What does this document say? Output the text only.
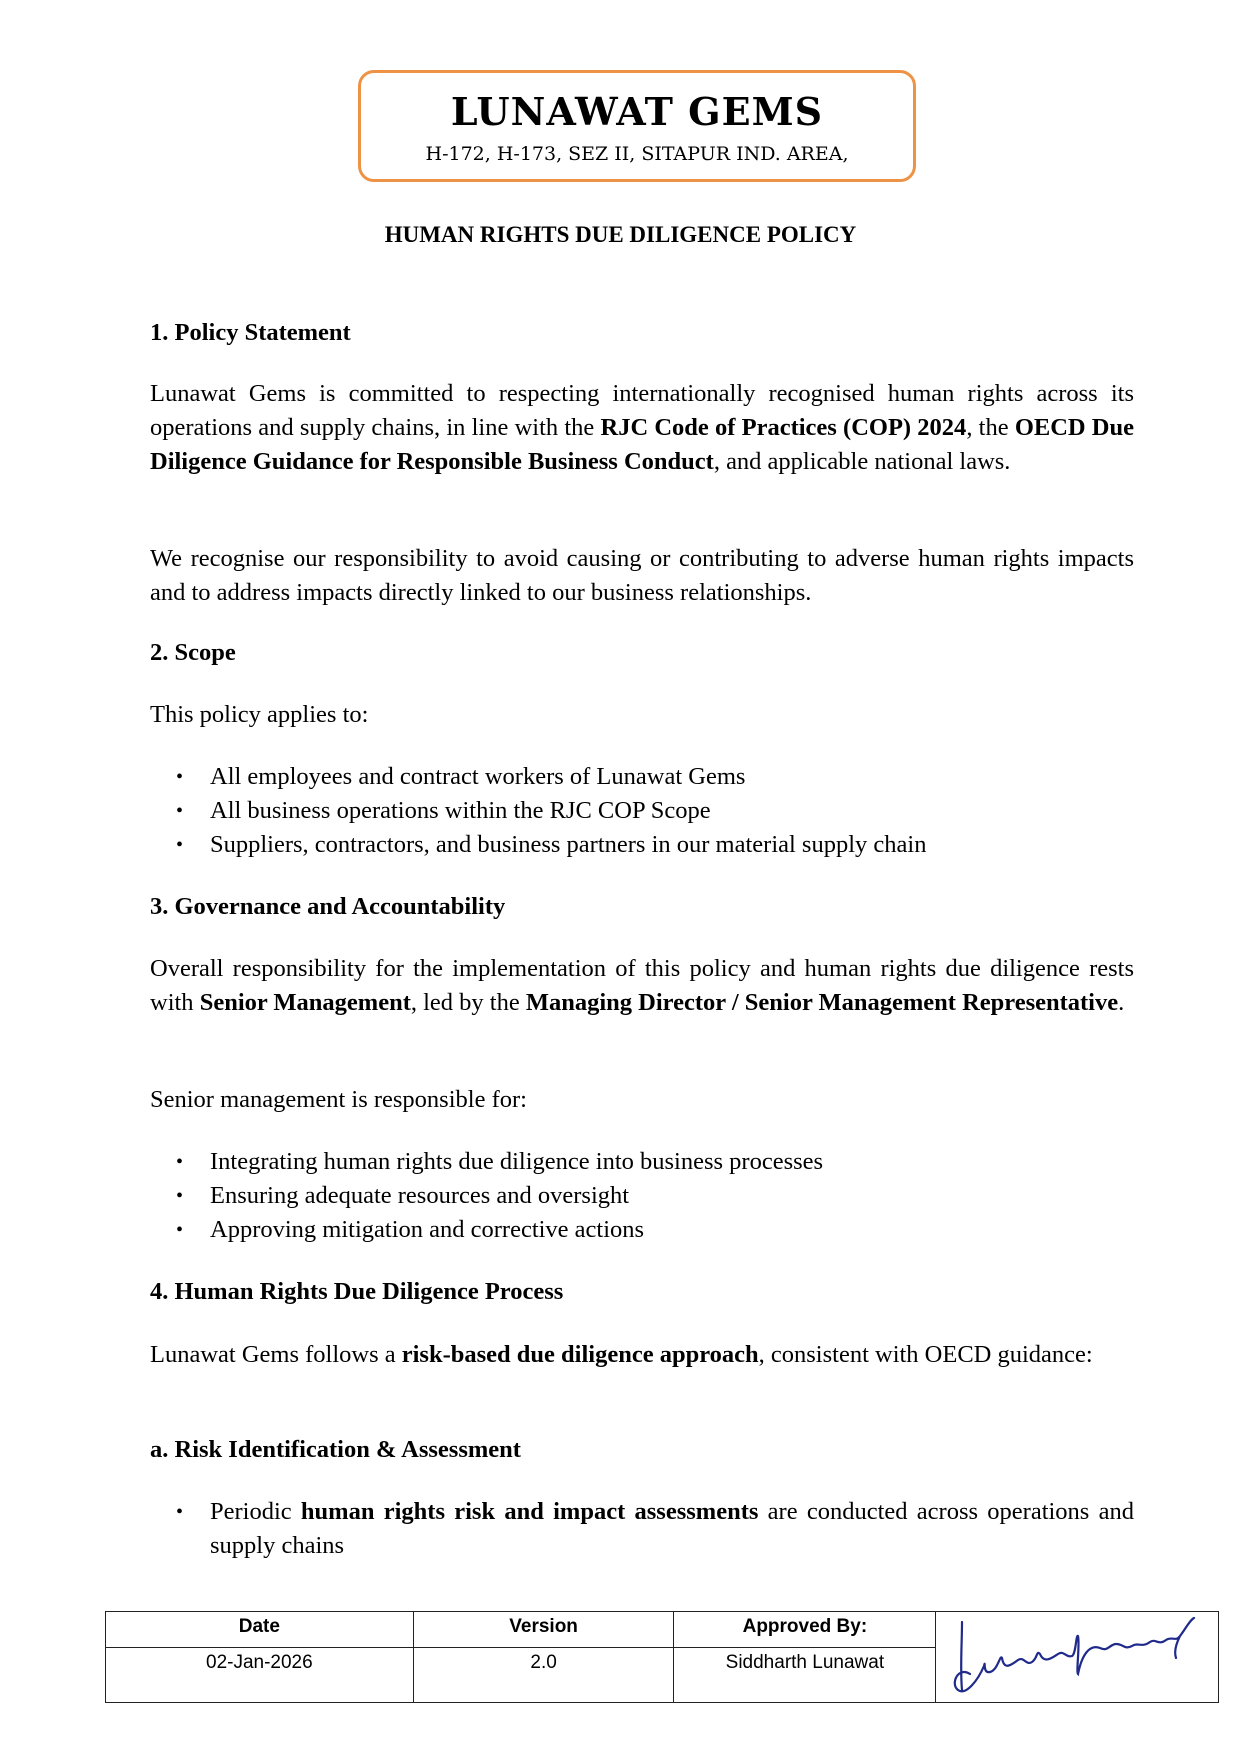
LUNAWAT GEMS
H-172, H-173, SEZ II, SITAPUR IND. AREA,
HUMAN RIGHTS DUE DILIGENCE POLICY
1. Policy Statement
Lunawat Gems is committed to respecting internationally recognised human rights across its operations and supply chains, in line with the RJC Code of Practices (COP) 2024, the OECD Due Diligence Guidance for Responsible Business Conduct, and applicable national laws.
We recognise our responsibility to avoid causing or contributing to adverse human rights impacts and to address impacts directly linked to our business relationships.
2. Scope
This policy applies to:
• All employees and contract workers of Lunawat Gems
• All business operations within the RJC COP Scope
• Suppliers, contractors, and business partners in our material supply chain
3. Governance and Accountability
Overall responsibility for the implementation of this policy and human rights due diligence rests with Senior Management, led by the Managing Director / Senior Management Representative.
Senior management is responsible for:
• Integrating human rights due diligence into business processes
• Ensuring adequate resources and oversight
• Approving mitigation and corrective actions
4. Human Rights Due Diligence Process
Lunawat Gems follows a risk-based due diligence approach, consistent with OECD guidance:
a. Risk Identification & Assessment
• Periodic human rights risk and impact assessments are conducted across operations and supply chains
Date	Version	Approved By:	

02-Jan-2026	2.0	Siddharth Lunawat	
